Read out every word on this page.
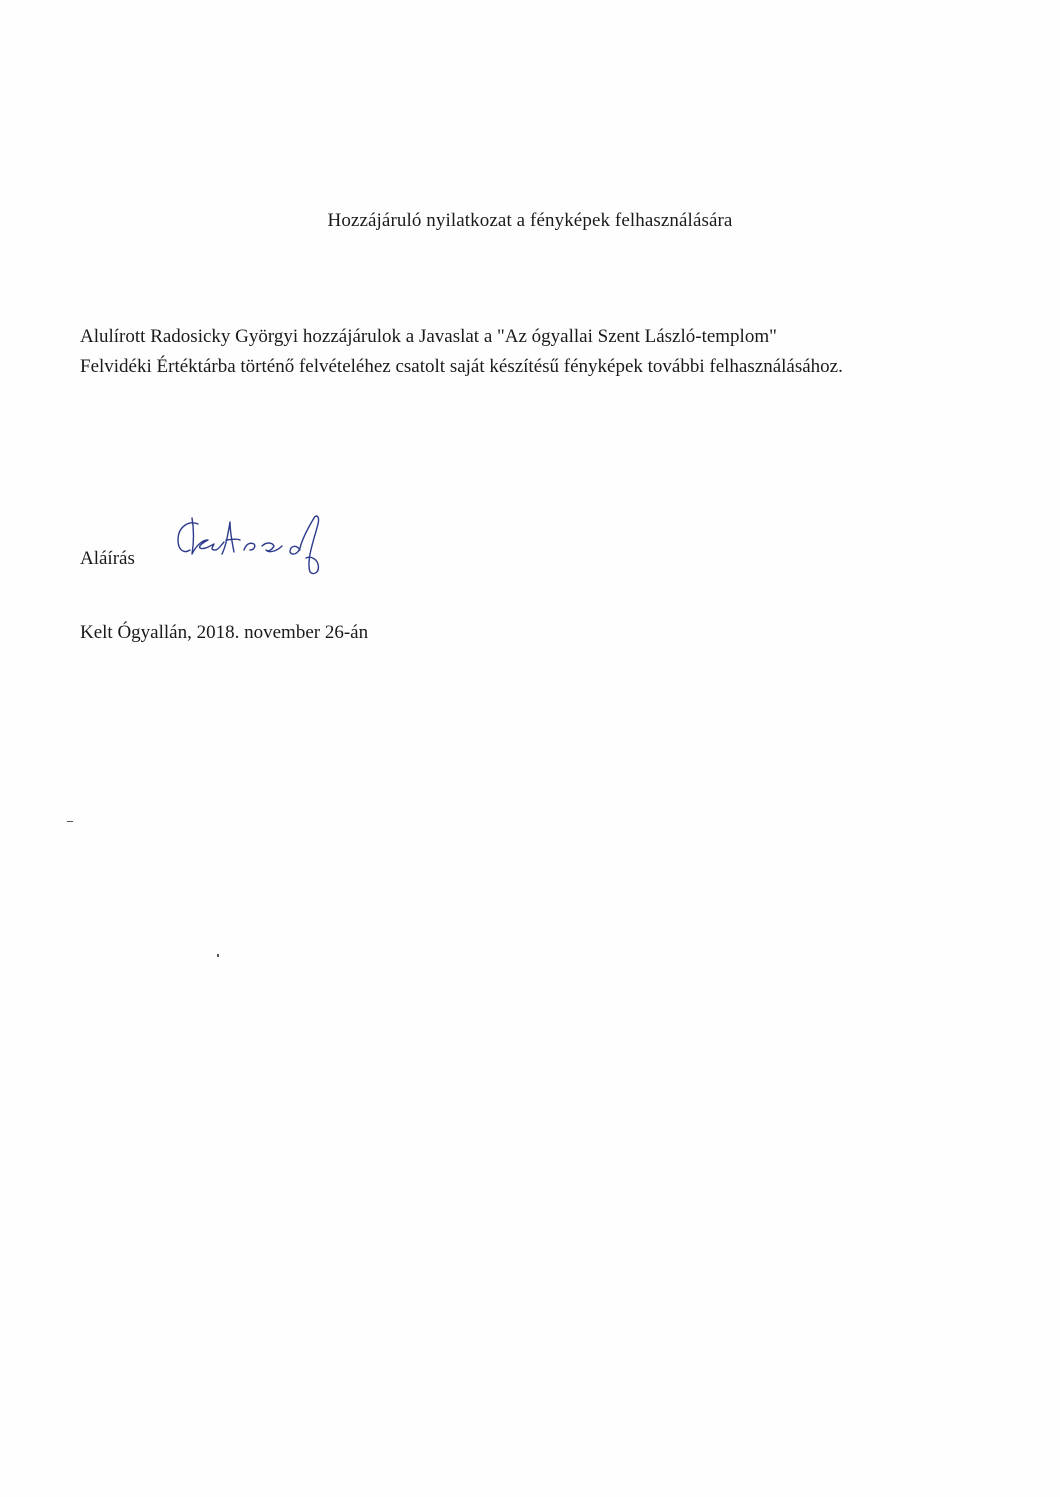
Hozzájáruló nyilatkozat a fényképek felhasználására
Alulírott Radosicky Györgyi hozzájárulok a Javaslat a "Az ógyallai Szent László-templom"
Felvidéki Értéktárba történő felvételéhez csatolt saját készítésű fényképek további felhasználásához.
Aláírás
Kelt Ógyallán, 2018. november 26-án
